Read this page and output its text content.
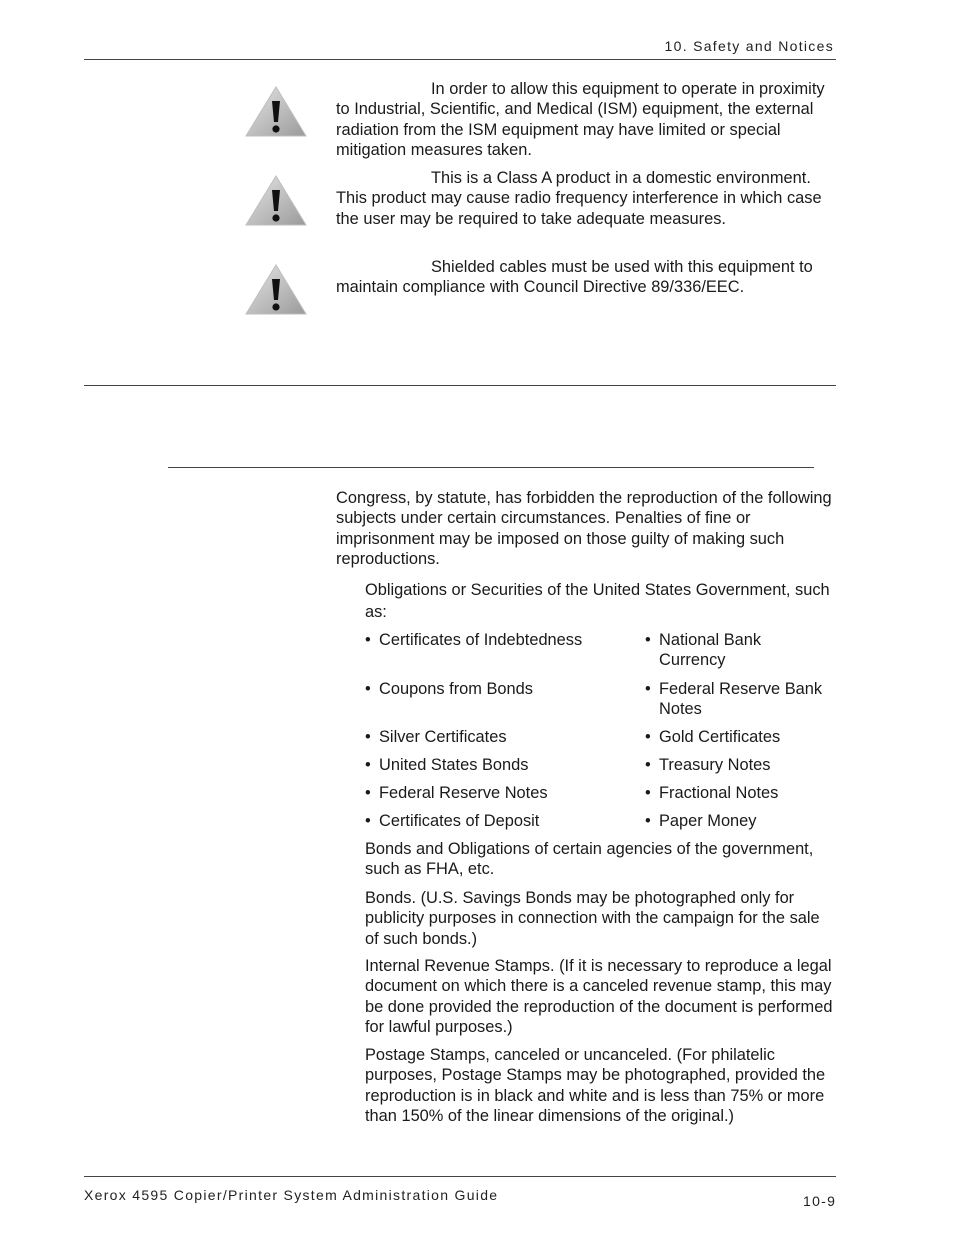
10. Safety and Notices
In order to allow this equipment to operate in proximity to Industrial, Scientific, and Medical (ISM) equipment, the external radiation from the ISM equipment may have limited or special mitigation measures taken.
This is a Class A product in a domestic environment. This product may cause radio frequency interference in which case the user may be required to take adequate measures.
Shielded cables must be used with this equipment to maintain compliance with Council Directive 89/336/EEC.
Congress, by statute, has forbidden the reproduction of the following subjects under certain circumstances. Penalties of fine or imprisonment may be imposed on those guilty of making such reproductions.
Obligations or Securities of the United States Government, such as:
• Certificates of Indebtedness
• Coupons from Bonds
• Silver Certificates
• United States Bonds
• Federal Reserve Notes
• Certificates of Deposit
• National Bank
Currency
• Federal Reserve Bank
Notes
• Gold Certificates
• Treasury Notes
• Fractional Notes
• Paper Money
Bonds and Obligations of certain agencies of the government, such as FHA, etc.
Bonds. (U.S. Savings Bonds may be photographed only for publicity purposes in connection with the campaign for the sale of such bonds.)
Internal Revenue Stamps. (If it is necessary to reproduce a legal document on which there is a canceled revenue stamp, this may be done provided the reproduction of the document is performed for lawful purposes.)
Postage Stamps, canceled or uncanceled. (For philatelic purposes, Postage Stamps may be photographed, provided the reproduction is in black and white and is less than 75% or more than 150% of the linear dimensions of the original.)
Xerox 4595 Copier/Printer System Administration Guide	10-9
